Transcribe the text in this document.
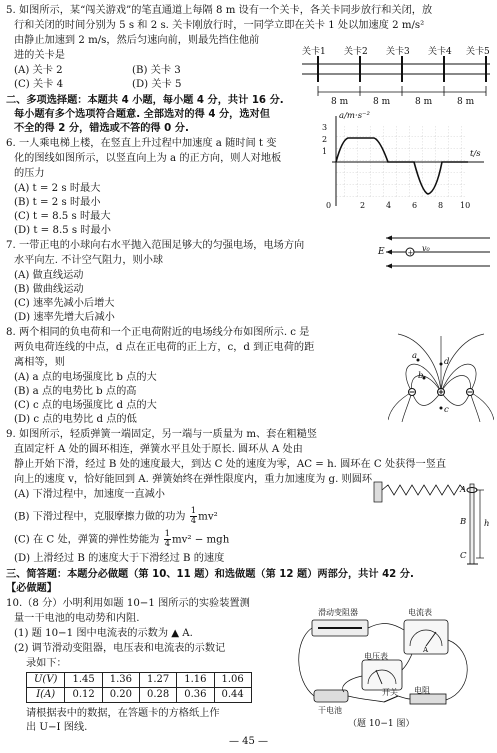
5. 如图所示，某“闯关游戏”的笔直通道上每隔 8 m 设有一个关卡，各关卡同步放行和关闭，放
行和关闭的时间分别为 5 s 和 2 s. 关卡刚放行时，一同学立即在关卡 1 处以加速度 2 m/s²
由静止加速到 2 m/s，然后匀速向前，则最先挡住他前
进的关卡是
(A) 关卡 2	(B) 关卡 3
(C) 关卡 4	(D) 关卡 5
关卡1 关卡2 关卡3 关卡4 关卡5
8 m	8 m	8 m	8 m
二、多项选择题：本题共 4 小题，每小题 4 分，共计 16 分.
每小题有多个选项符合题意. 全部选对的得 4 分，选对但
不全的得 2 分，错选或不答的得 0 分.
6. 一人乘电梯上楼，在竖直上升过程中加速度 a 随时间 t 变
化的图线如图所示，以竖直向上为 a 的正方向，则人对地板
的压力
(A) t = 2 s 时最大
(B) t = 2 s 时最小
(C) t = 8.5 s 时最大
(D) t = 8.5 s 时最小
a/m·s⁻²
t/s
3
2
1
0	2	4	6	8 10
7. 一带正电的小球向右水平抛入范围足够大的匀强电场，电场方向
水平向左. 不计空气阻力，则小球
(A) 做直线运动
(B) 做曲线运动
(C) 速率先减小后增大
(D) 速率先增大后减小
+
E	v₀
8. 两个相同的负电荷和一个正电荷附近的电场线分布如图所示. c 是
两负电荷连线的中点，d 点在正电荷的正上方，c，d 到正电荷的距
离相等，则
(A) a 点的电场强度比 b 点的大
(B) a 点的电势比 b 点的高
(C) c 点的电场强度比 d 点的大
(D) c 点的电势比 d 点的低
a
b
c
d
9. 如图所示，轻质弹簧一端固定，另一端与一质量为 m、套在粗糙竖
直固定杆 A 处的圆环相连，弹簧水平且处于原长. 圆环从 A 处由
静止开始下滑，经过 B 处的速度最大，到达 C 处的速度为零，AC = h. 圆环在 C 处获得一竖直
向上的速度 v，恰好能回到 A. 弹簧始终在弹性限度内，重力加速度为 g. 则圆环
(A) 下滑过程中，加速度一直减小
(B) 下滑过程中，克服摩擦力做的功为 $\frac{1}{4} mv^2$
(C) 在 C 处，弹簧的弹性势能为 $\frac{1}{4} mv^2$ − mgh
(D) 上滑经过 B 的速度大于下滑经过 B 的速度
A
B
C
h
三、简答题：本题分必做题（第 10、11 题）和选做题（第 12 题）两部分，共计 42 分.
【必做题】
10.（8 分）小明利用如题 10−1 图所示的实验装置测
量一干电池的电动势和内阻.
(1) 题 10−1 图中电流表的示数为 ▲ A.
(2) 调节滑动变阻器，电压表和电流表的示数记
录如下：
U(V)	1.45	1.36	1.27	1.16	1.06
I(A)	0.12	0.20	0.28	0.36	0.44
请根据表中的数据，在答题卡的方格纸上作
出 U−I 图线.
A
滑动变阻器	电流表
电压表
干电池
开关 电阻
（题 10−1 图）
— 45 —
